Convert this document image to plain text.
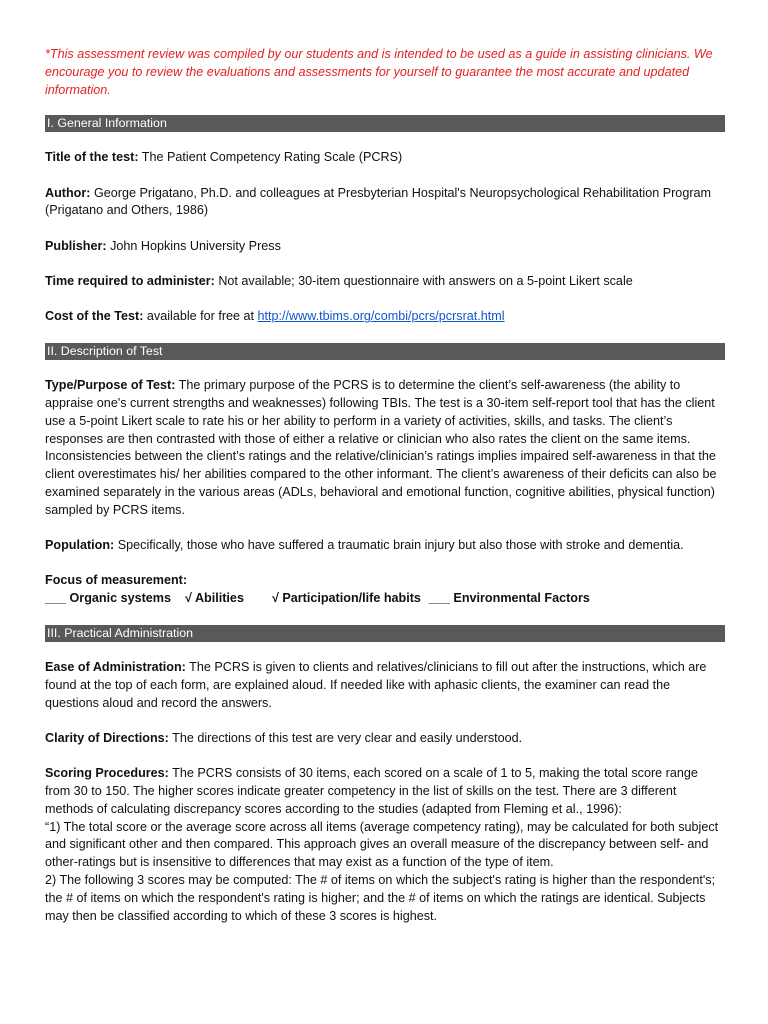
*This assessment review was compiled by our students and is intended to be used as a guide in assisting clinicians. We encourage you to review the evaluations and assessments for yourself to guarantee the most accurate and updated information.

I. General Information

Title of the test: The Patient Competency Rating Scale (PCRS)

Author: George Prigatano, Ph.D. and colleagues at Presbyterian Hospital's Neuropsychological Rehabilitation Program (Prigatano and Others, 1986)

Publisher: John Hopkins University Press

Time required to administer: Not available; 30-item questionnaire with answers on a 5-point Likert scale

Cost of the Test: available for free at http://www.tbims.org/combi/pcrs/pcrsrat.html

II. Description of Test

Type/Purpose of Test: The primary purpose of the PCRS is to determine the client’s self-awareness (the ability to appraise one's current strengths and weaknesses) following TBIs. The test is a 30-item self-report tool that has the client use a 5-point Likert scale to rate his or her ability to perform in a variety of activities, skills, and tasks. The client’s responses are then contrasted with those of either a relative or clinician who also rates the client on the same items. Inconsistencies between the client’s ratings and the relative/clinician’s ratings implies impaired self-awareness in that the client overestimates his/ her abilities compared to the other informant. The client’s awareness of their deficits can also be examined separately in the various areas (ADLs, behavioral and emotional function, cognitive abilities, physical function) sampled by PCRS items.

Population: Specifically, those who have suffered a traumatic brain injury but also those with stroke and dementia.

Focus of measurement:
___ Organic systems √ Abilities √ Participation/life habits ___ Environmental Factors

III. Practical Administration

Ease of Administration: The PCRS is given to clients and relatives/clinicians to fill out after the instructions, which are found at the top of each form, are explained aloud. If needed like with aphasic clients, the examiner can read the questions aloud and record the answers.

Clarity of Directions: The directions of this test are very clear and easily understood.

Scoring Procedures: The PCRS consists of 30 items, each scored on a scale of 1 to 5, making the total score range from 30 to 150. The higher scores indicate greater competency in the list of skills on the test. There are 3 different methods of calculating discrepancy scores according to the studies (adapted from Fleming et al., 1996):
“1) The total score or the average score across all items (average competency rating), may be calculated for both subject and significant other and then compared. This approach gives an overall measure of the discrepancy between self- and other-ratings but is insensitive to differences that may exist as a function of the type of item.
2) The following 3 scores may be computed: The # of items on which the subject's rating is higher than the respondent's; the # of items on which the respondent's rating is higher; and the # of items on which the ratings are identical. Subjects may then be classified according to which of these 3 scores is highest.
